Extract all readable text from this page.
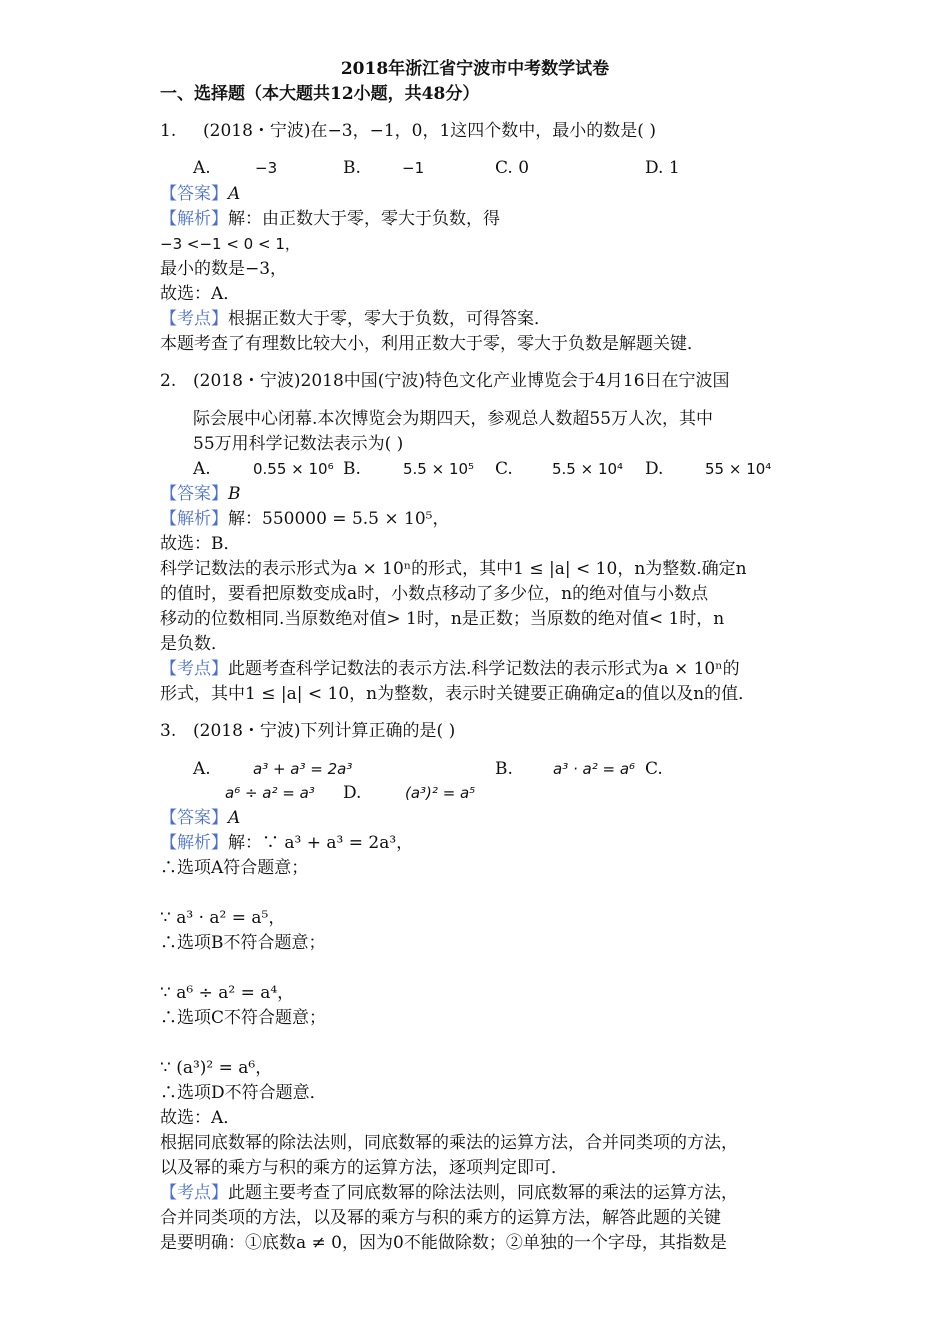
2018年浙江省宁波市中考数学试卷
一、选择题（本大题共12小题，共48分）
1. (2018・宁波)在−3，−1，0，1这四个数中，最小的数是( )
A.	−3	B.	−1	C. 0	D. 1
【答案】A
【解析】解：由正数大于零，零大于负数，得
−3 <−1 < 0 < 1，
最小的数是−3，
故选：A．
【考点】根据正数大于零，零大于负数，可得答案．
本题考查了有理数比较大小，利用正数大于零，零大于负数是解题关键．
2. (2018・宁波)2018中国(宁波)特色文化产业博览会于4月16日在宁波国
际会展中心闭幕.本次博览会为期四天，参观总人数超55万人次，其中
55万用科学记数法表示为( )
A.	0.55 × 10⁶ B.	5.5 × 10⁵ C.	5.5 × 10⁴ D.	55 × 10⁴
【答案】B
【解析】解：550000 = 5.5 × 10⁵，
故选：B．
科学记数法的表示形式为a × 10ⁿ的形式，其中1 ≤ |a| < 10，n为整数.确定n
的值时，要看把原数变成a时，小数点移动了多少位，n的绝对值与小数点
移动的位数相同.当原数绝对值> 1时，n是正数；当原数的绝对值< 1时，n
是负数．
【考点】此题考查科学记数法的表示方法.科学记数法的表示形式为a × 10ⁿ的
形式，其中1 ≤ |a| < 10，n为整数，表示时关键要正确确定a的值以及n的值．
3. (2018・宁波)下列计算正确的是( )
A.	a³ + a³ = 2a³	B.	a³ · a² = a⁶ C.
a⁶ ÷ a² = a³ D.	(a³)² = a⁵
【答案】A
【解析】解：∵ a³ + a³ = 2a³，
∴选项A符合题意；
∵ a³ · a² = a⁵，
∴选项B不符合题意；
∵ a⁶ ÷ a² = a⁴，
∴选项C不符合题意；
∵ (a³)² = a⁶，
∴选项D不符合题意．
故选：A．
根据同底数幂的除法法则，同底数幂的乘法的运算方法，合并同类项的方法，
以及幂的乘方与积的乘方的运算方法，逐项判定即可．
【考点】此题主要考查了同底数幂的除法法则，同底数幂的乘法的运算方法，
合并同类项的方法，以及幂的乘方与积的乘方的运算方法，解答此题的关键
是要明确：①底数a ≠ 0，因为0不能做除数；②单独的一个字母，其指数是
